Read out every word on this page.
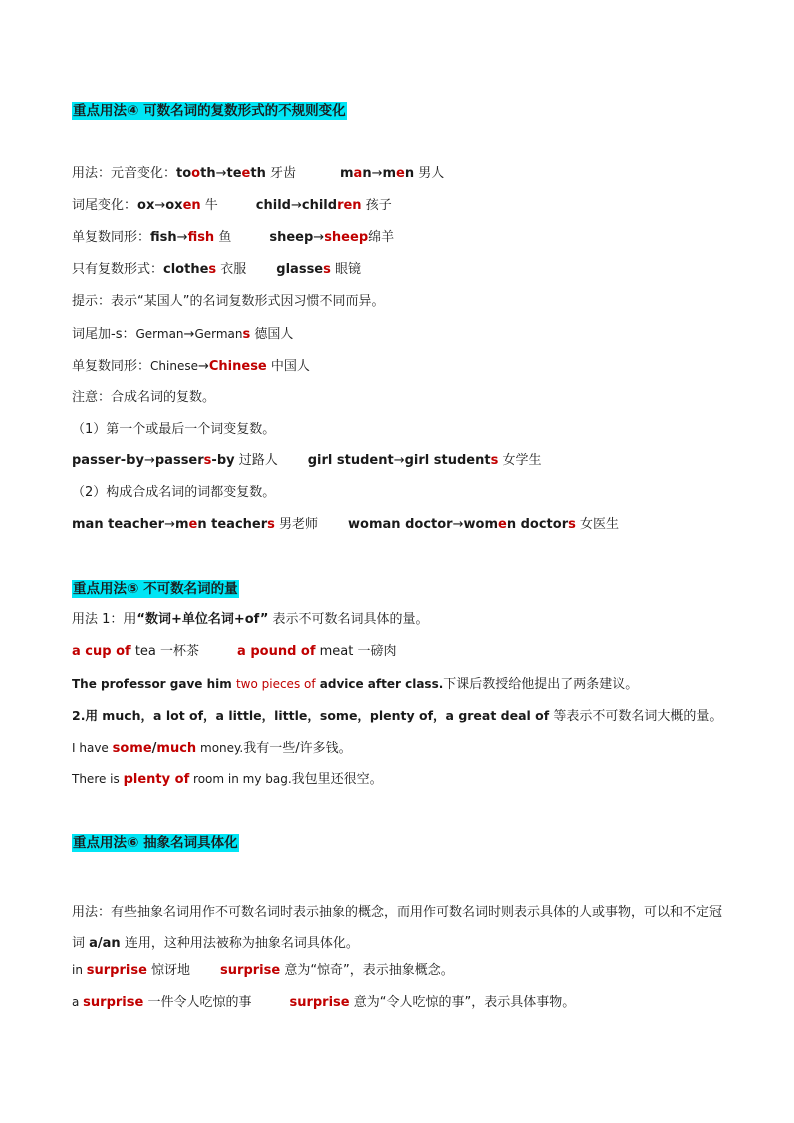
重点用法④ 可数名词的复数形式的不规则变化
用法：元音变化：tooth→teeth 牙齿	man→men 男人
词尾变化：ox→oxen 牛	child→children 孩子
单复数同形：fish→fish 鱼	sheep→sheep绵羊
只有复数形式：clothes 衣服 glasses 眼镜
提示：表示“某国人”的名词复数形式因习惯不同而异。
词尾加-s：German→Germans 德国人
单复数同形：Chinese→Chinese 中国人
注意：合成名词的复数。
（1）第一个或最后一个词变复数。
passer-by→passers-by 过路人 girl student→girl students 女学生
（2）构成合成名词的词都变复数。
man teacher→men teachers 男老师 woman doctor→women doctors 女医生
重点用法⑤ 不可数名词的量
用法 1：用“数词+单位名词+of” 表示不可数名词具体的量。
a cup of tea 一杯茶	a pound of meat 一磅肉
The professor gave him two pieces of advice after class.下课后教授给他提出了两条建议。
2.用 much，a lot of，a little，little，some，plenty of，a great deal of 等表示不可数名词大概的量。
I have some/much money.我有一些/许多钱。
There is plenty of room in my bag.我包里还很空。
重点用法⑥ 抽象名词具体化
用法：有些抽象名词用作不可数名词时表示抽象的概念，而用作可数名词时则表示具体的人或事物，可以和不定冠词 a/an 连用，这种用法被称为抽象名词具体化。
in surprise 惊讶地 surprise 意为“惊奇”，表示抽象概念。
a surprise 一件令人吃惊的事	surprise 意为“令人吃惊的事”，表示具体事物。
